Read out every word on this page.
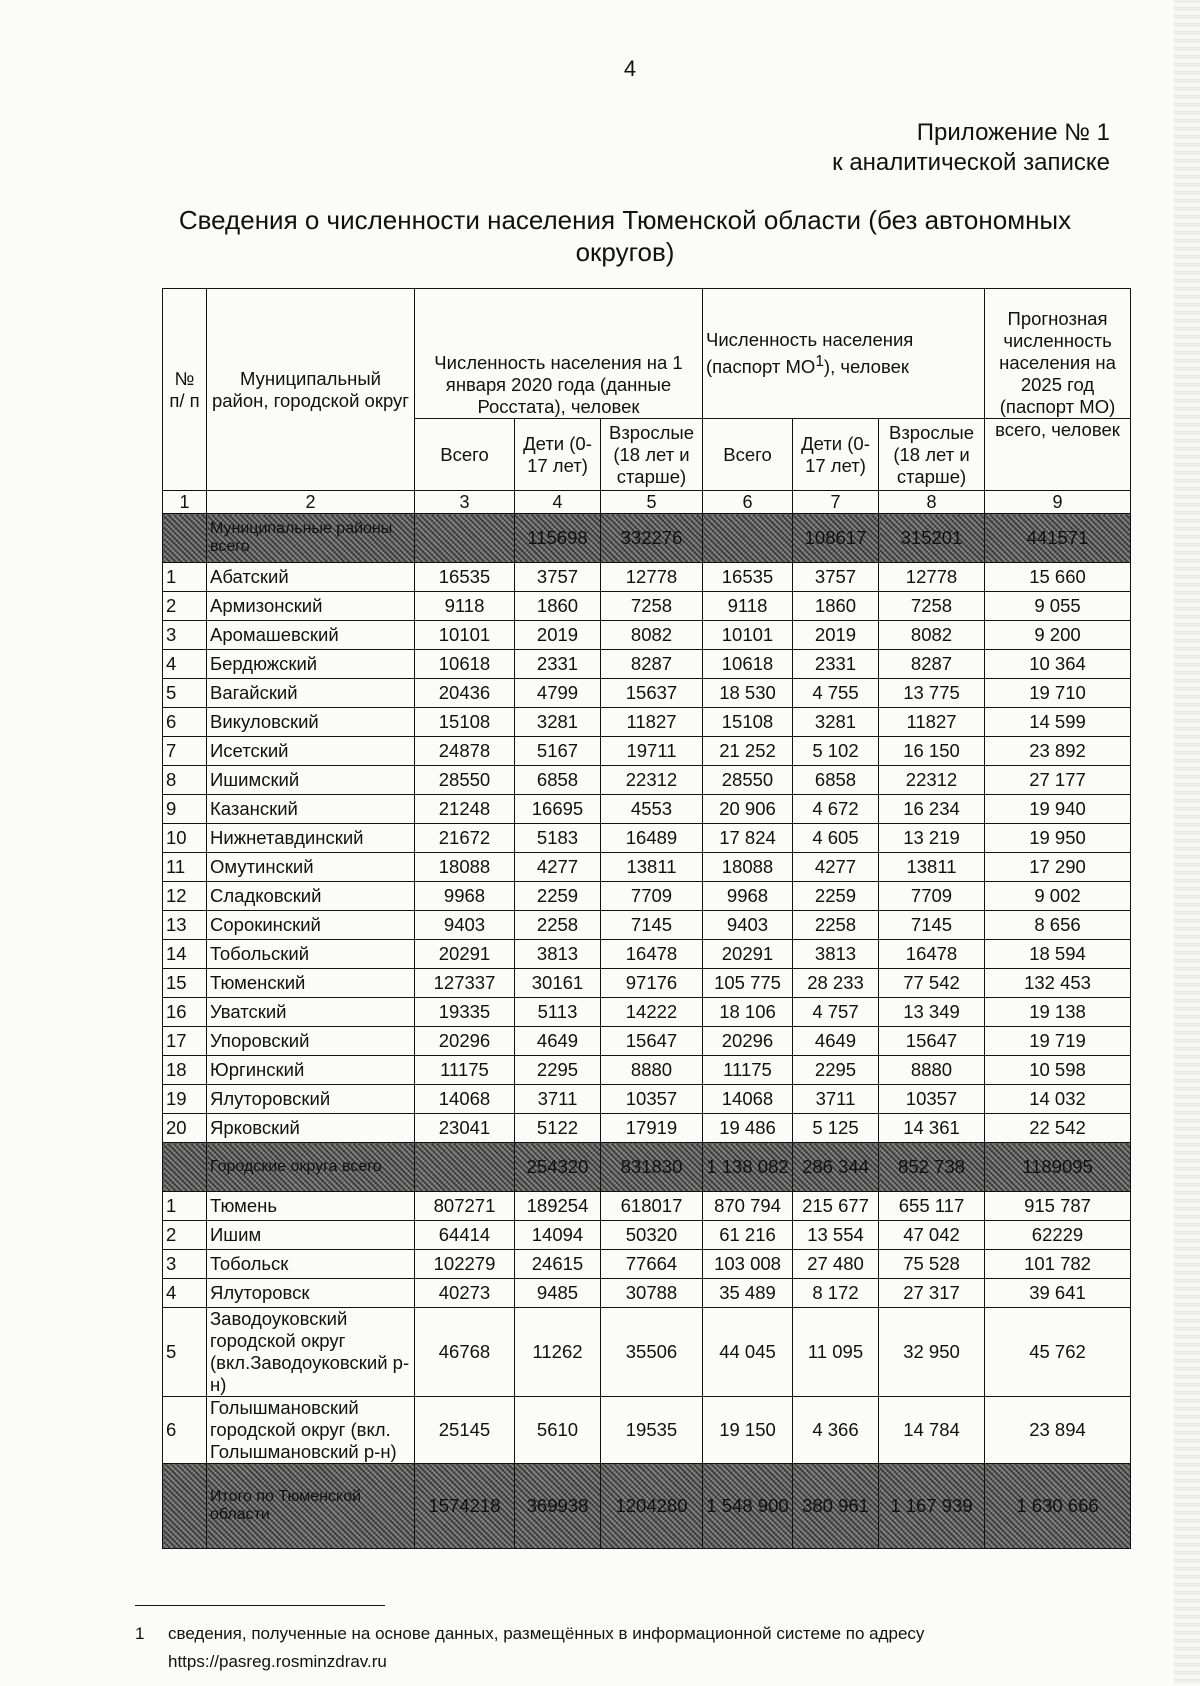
4
Приложение № 1
к аналитической записке
Сведения о численности населения Тюменской области (без автономных
округов)
№ п/ п	Муниципальный район, городской округ	Численность населения на 1 января 2020 года (данные Росстата), человек			Численность населения (паспорт $МО^1$), человек			Прогнозная численность населения на 2025 год (паспорт МО)
		Всего	Дети (0-17 лет)	Взрослые (18 лет и старше)	Всего	Дети (0-17 лет)	Взрослые (18 лет и старше)	всего, человек
1	2	3	4	5	6	7	8	9
	Муниципальные районы всего		115698	332276		108617	315201	441571
1	Абатский	16535	3757	12778	16535	3757	12778	15 660
2	Армизонский	9118	1860	7258	9118	1860	7258	9 055
3	Аромашевский	10101	2019	8082	10101	2019	8082	9 200
4	Бердюжский	10618	2331	8287	10618	2331	8287	10 364
5	Вагайский	20436	4799	15637	18 530	4 755	13 775	19 710
6	Викуловский	15108	3281	11827	15108	3281	11827	14 599
7	Исетский	24878	5167	19711	21 252	5 102	16 150	23 892
8	Ишимский	28550	6858	22312	28550	6858	22312	27 177
9	Казанский	21248	16695	4553	20 906	4 672	16 234	19 940
10	Нижнетавдинский	21672	5183	16489	17 824	4 605	13 219	19 950
11	Омутинский	18088	4277	13811	18088	4277	13811	17 290
12	Сладковский	9968	2259	7709	9968	2259	7709	9 002
13	Сорокинский	9403	2258	7145	9403	2258	7145	8 656
14	Тобольский	20291	3813	16478	20291	3813	16478	18 594
15	Тюменский	127337	30161	97176	105 775	28 233	77 542	132 453
16	Уватский	19335	5113	14222	18 106	4 757	13 349	19 138
17	Упоровский	20296	4649	15647	20296	4649	15647	19 719
18	Юргинский	11175	2295	8880	11175	2295	8880	10 598
19	Ялуторовский	14068	3711	10357	14068	3711	10357	14 032
20	Ярковский	23041	5122	17919	19 486	5 125	14 361	22 542
	Городские округа всего		254320	831830	1 138 082	286 344	852 738	1189095
1	Тюмень	807271	189254	618017	870 794	215 677	655 117	915 787
2	Ишим	64414	14094	50320	61 216	13 554	47 042	62229
3	Тобольск	102279	24615	77664	103 008	27 480	75 528	101 782
4	Ялуторовск	40273	9485	30788	35 489	8 172	27 317	39 641
5	Заводоуковский городской округ (вкл.Заводоуковский р-н)	46768	11262	35506	44 045	11 095	32 950	45 762
6	Голышмановский городской округ (вкл. Голышмановский р-н)	25145	5610	19535	19 150	4 366	14 784	23 894
	Итого по Тюменской области	1574218	369938	1204280	1 548 900	380 961	1 167 939	1 630 666
1 сведения, полученные на основе данных, размещённых в информационной системе по адресу
https://pasreg.rosminzdrav.ru
